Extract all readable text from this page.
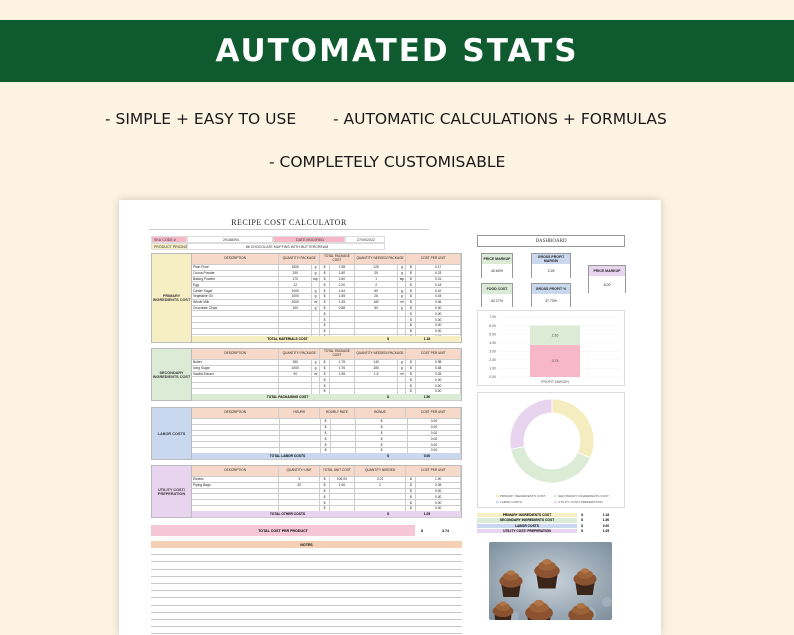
AUTOMATED STATS
- SIMPLE + EASY TO USE - AUTOMATIC CALCULATIONS + FORMULAS
- COMPLETELY CUSTOMISABLE
RECIPE COST CALCULATOR
SKU CODE #	29188094	DATE MODIFIED	27/09/2022
PRODUCT PRICING	86 CHOCOLATE MUFFINS WITH BUTTERCREAM
PRIMARY INGREDIENTS COST
DESCRIPTION	QUANTITY/ PACKAGE	TOTAL PACKAGE COST	QUANTITY NEEDED/ PACKAGE	COST PER UNIT
Plain Flour	1500	g	$	1.98	125	g	$	0.17
Cocoa Powder	200	g	$	1.80	25	g	$	0.23
Baking Powder	170	tsp	$	2.60	1	tsp	$	0.01
Egg	12	$	2.20	2	$	0.18
Caster Sugar	1000	g	$	1.64	60	g	$	0.10
Vegetable Oil	1000	g	$	1.55	26	g	$	0.04
Whole Milk	2000	ml	$	1.35	180	ml	$	0.06
Chocolate Chips	100	g	$	0.88	50	g	$	0.40
$	$	0.00
$	$	0.00
$	$	0.00
$	$	0.00
TOTAL MATERIALS COST	$	1.18
SECONDARY INGREDIENTS COST
DESCRIPTION	QUANTITY/ PACKAGE	TOTAL PACKAGE COST	QUANTITY NEEDED/ PACKAGE	COST PER UNIT
Butter	250	g	$	1.75	140	g	$	0.98
Icing Sugar	1000	g	$	1.76	280	g	$	0.48
Vanilla Extract	90	ml	$	1.95	1.5	ml	$	0.05
$	$	0.00
$	$	0.00
$	$	0.00
TOTAL PACKAGING COST	$	1.50
LABOR COSTS
DESCRIPTION	HOURS	HOURLY RATE	BONUS	COST PER UNIT
$	$	0.00
$	$	0.00
$	$	0.00
$	$	0.00
$	$	0.00
$	$	0.00
TOTAL LABOR COSTS	$	0.00
UTILITY COST/ PREPERATION
DESCRIPTION	QUANTITY/ UNIT	TOTAL UNIT COST	QUANTITY NEEDED	COST PER UNIT
Electric	3	$	106.00	0.01	$	1.00
Piping Bags	20	$	1.06	2	$	0.05
$	$	0.00
$	$	0.00
$	$	0.00
$	$	0.00
TOTAL OTHER COSTS	$	1.05
TOTAL COST PER PRODUCT	$	3.74
NOTES
DASHBOARD
PRICE MARKUP
40.60%
GROSS PROFIT MARGIN
2.28	PRICE MARKUP
6.00
FOOD COST
62.27%
GROSS PROFIT %
37.73%
0.00
1.00
2.00
3.00
4.00
5.00
6.00
7.00
3.74
2.26
PROFIT MARGIN
PRIMARY INGREDIENTS COST	SECONDARY INGREDIENTS COST
LABOR COSTS	UTILITY COST/ PREPERATION
PRIMARY INGREDIENTS COST	$	1.18
SECONDARY INGREDIENTS COST	$	1.50
LABOR COSTS	$	0.00
UTILITY COST/ PREPERATION	$	1.05
